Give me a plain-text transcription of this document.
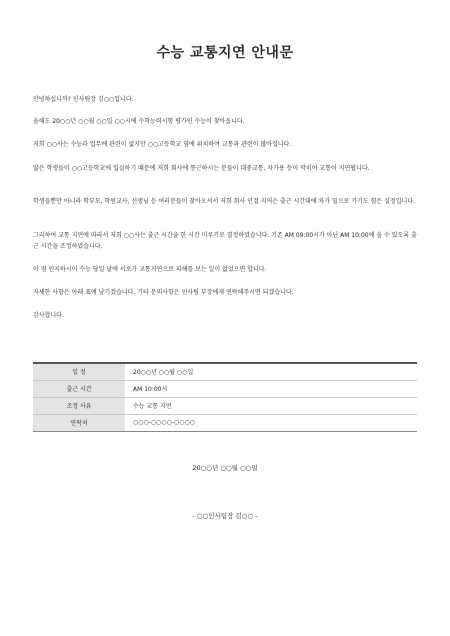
수능 교통지연 안내문

안녕하십니까? 인사팀장 김○○입니다.

올해도 20○○년 ○○월 ○○일 ○○시에 수학능력시험 평가인 수능이 찾아옵니다.

저희 ○○사는 수능과 업무에 관련이 없지만 ○○고등학교 옆에 위치하여 교통과 관련이 많아집니다.

많은 학생들이 ○○고등학교에 입실하기 때문에 저희 회사에 통근하시는 분들이 대중교통, 자가용 등이 막히어 교통이 지연됩니다.

학생들뿐만 아니라 학부모, 학원교사, 선생님 등 여러분들이 찾아오셔서 저희 회사 인접 지역은 출근 시간대에 차가 밀으로 가기도 힘든 실정입니다.

그리하여 교통 지연에 따라서 저희 ○○사는 출근 시간을 한 시간 미루기로 결정하였습니다. 기존 AM 09:00시가 아닌 AM 10:00에 올 수 있도록 출근 시간을 조정하였습니다.

이 점 인지하시어 수능 당일 날에 서로가 교통지연으로 피해를 보는 일이 없었으면 합니다.

자세한 사항은 아래 표에 남기겠습니다. 기타 문의사항은 인사팀 부장에게 연락해주시면 되겠습니다.

감사합니다.

일 정	20○○년 ○○월 ○○일
출근 시간	AM 10:00시
조정 사유	수능 교통 지연
연락처	○○○-○○○○-○○○○
20○○년 ○○월 ○○일
- ○○인사팀장 김○○ -
